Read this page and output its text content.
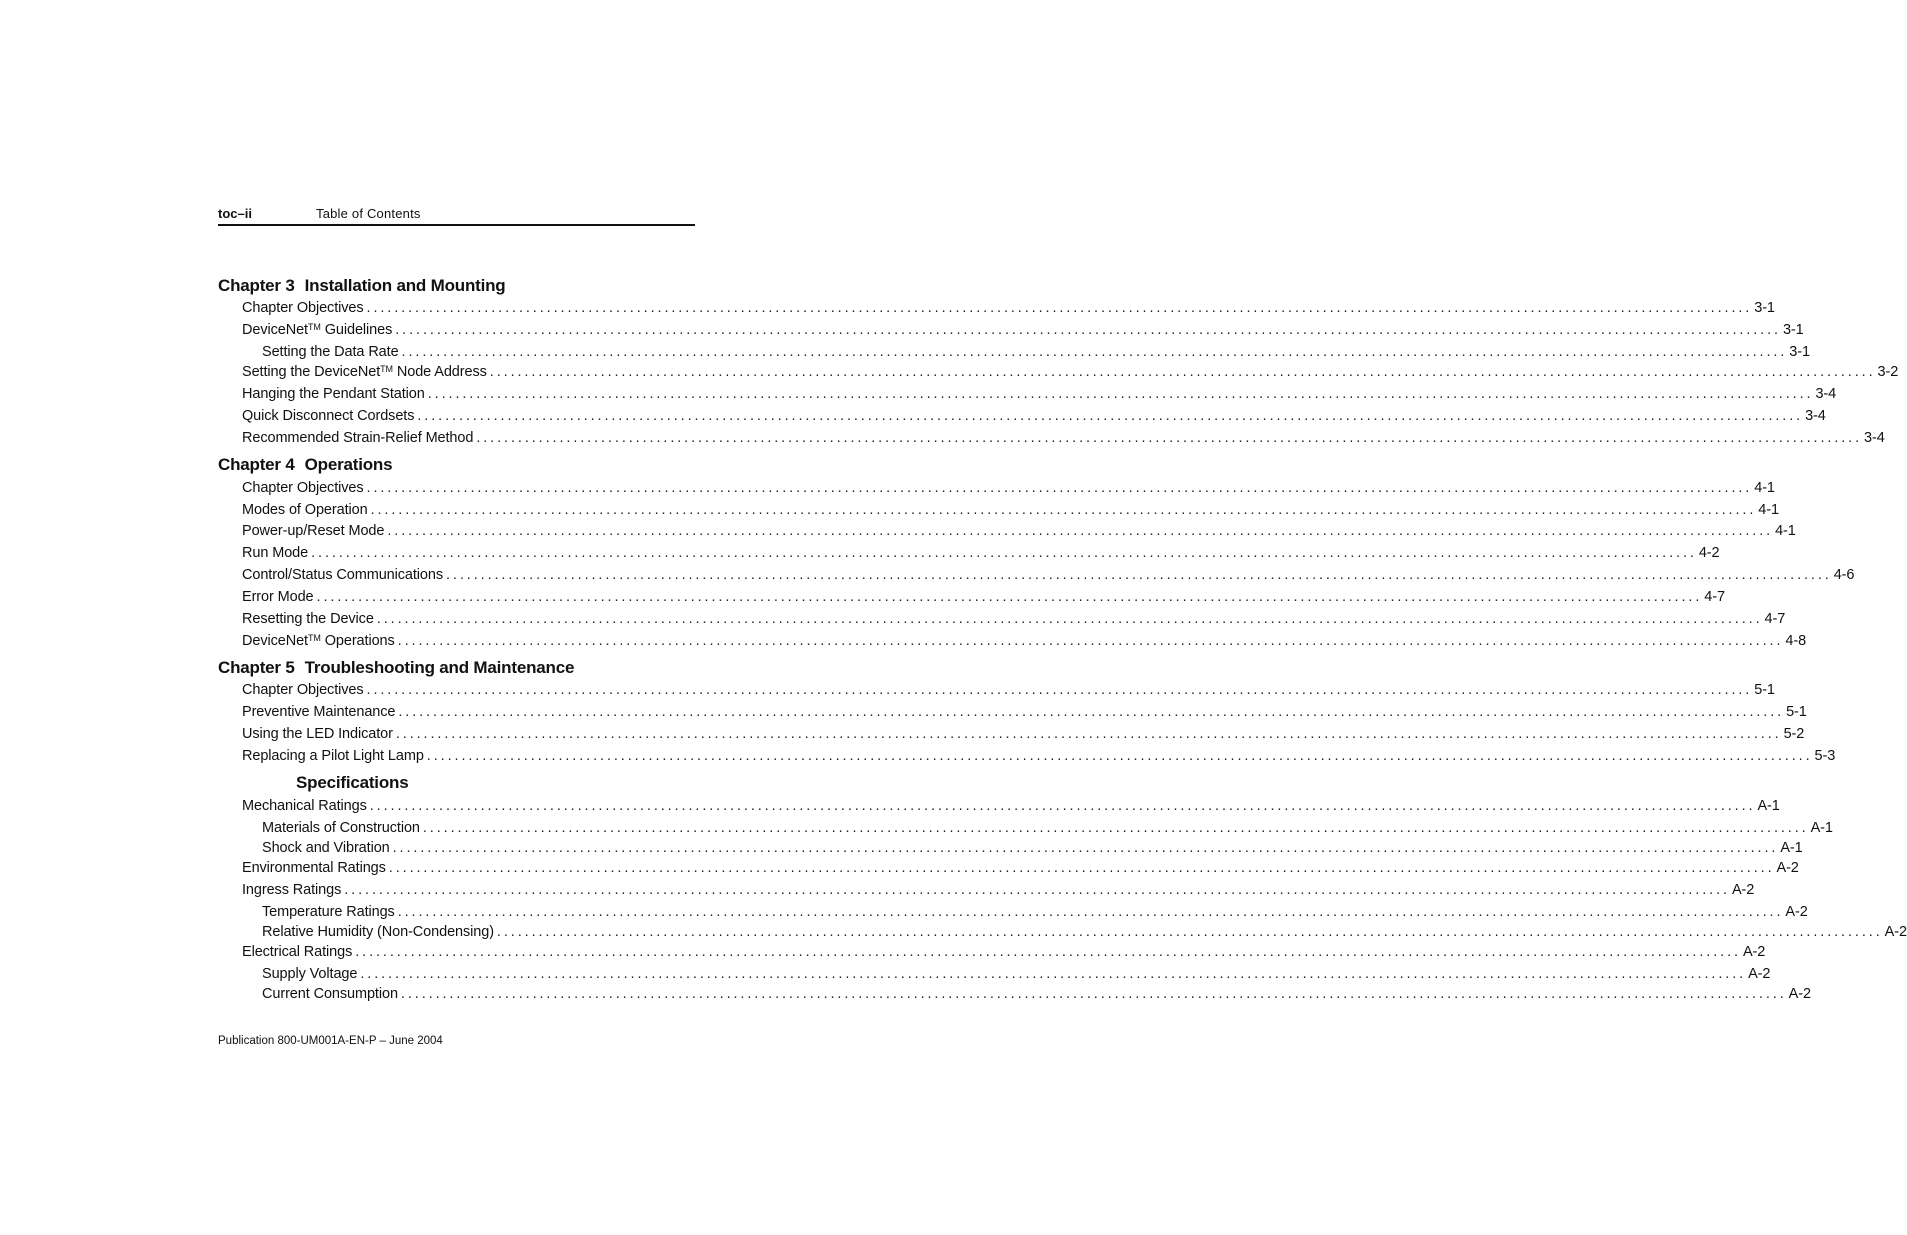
toc–ii	Table of Contents
Chapter 3 Installation and Mounting
Chapter Objectives ........................................................................................................................................................................................................ 3-1
DeviceNet™ Guidelines ........................................................................................................................................................................................................ 3-1
Setting the Data Rate ........................................................................................................................................................................................................ 3-1
Setting the DeviceNet™ Node Address ........................................................................................................................................................................................................ 3-2
Hanging the Pendant Station ........................................................................................................................................................................................................ 3-4
Quick Disconnect Cordsets ........................................................................................................................................................................................................ 3-4
Recommended Strain-Relief Method ........................................................................................................................................................................................................ 3-4
Chapter 4 Operations
Chapter Objectives ........................................................................................................................................................................................................ 4-1
Modes of Operation ........................................................................................................................................................................................................ 4-1
Power-up/Reset Mode ........................................................................................................................................................................................................ 4-1
Run Mode ........................................................................................................................................................................................................ 4-2
Control/Status Communications ........................................................................................................................................................................................................ 4-6
Error Mode ........................................................................................................................................................................................................ 4-7
Resetting the Device ........................................................................................................................................................................................................ 4-7
DeviceNet™ Operations ........................................................................................................................................................................................................ 4-8
Chapter 5 Troubleshooting and Maintenance
Chapter Objectives ........................................................................................................................................................................................................ 5-1
Preventive Maintenance ........................................................................................................................................................................................................ 5-1
Using the LED Indicator ........................................................................................................................................................................................................ 5-2
Replacing a Pilot Light Lamp ........................................................................................................................................................................................................ 5-3
Specifications
Mechanical Ratings ........................................................................................................................................................................................................ A-1
Materials of Construction ........................................................................................................................................................................................................ A-1
Shock and Vibration ........................................................................................................................................................................................................ A-1
Environmental Ratings ........................................................................................................................................................................................................ A-2
Ingress Ratings ........................................................................................................................................................................................................ A-2
Temperature Ratings ........................................................................................................................................................................................................ A-2
Relative Humidity (Non-Condensing) ........................................................................................................................................................................................................ A-2
Electrical Ratings ........................................................................................................................................................................................................ A-2
Supply Voltage ........................................................................................................................................................................................................ A-2
Current Consumption ........................................................................................................................................................................................................ A-2
Publication 800-UM001A-EN-P – June 2004
